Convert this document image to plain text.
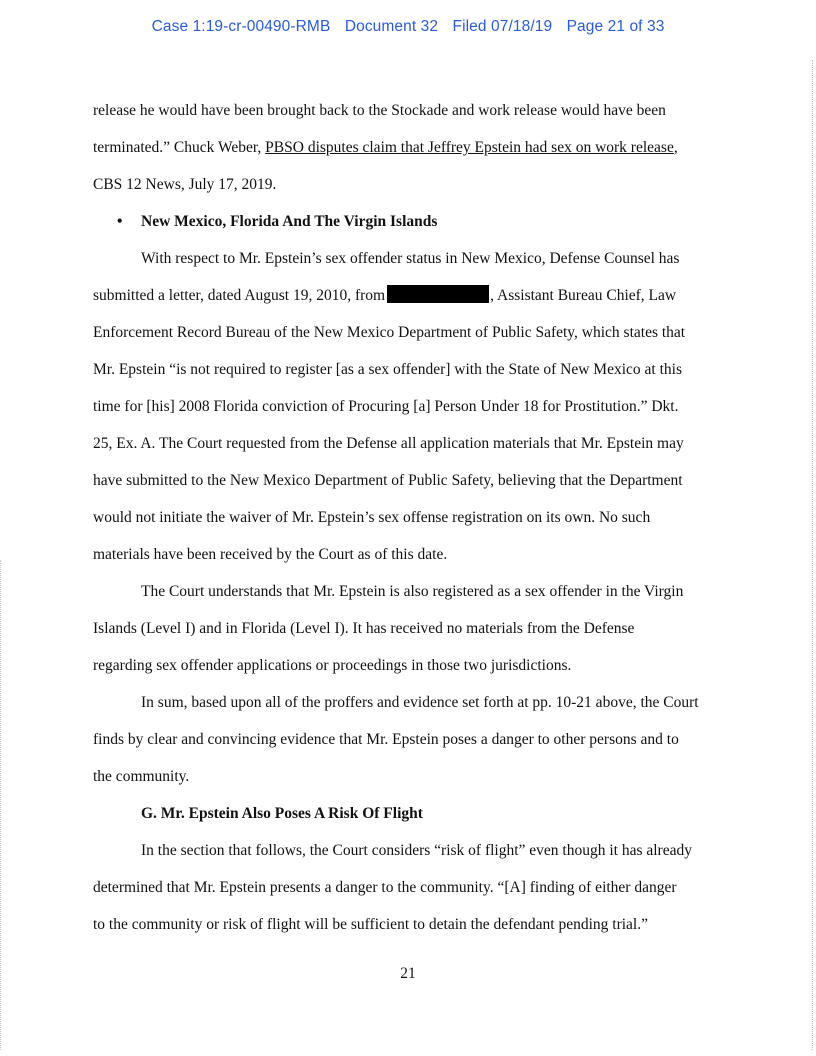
Case 1:19-cr-00490-RMB Document 32 Filed 07/18/19 Page 21 of 33
release he would have been brought back to the Stockade and work release would have been
terminated.” Chuck Weber, PBSO disputes claim that Jeffrey Epstein had sex on work release,
CBS 12 News, July 17, 2019.
• New Mexico, Florida And The Virgin Islands
With respect to Mr. Epstein’s sex offender status in New Mexico, Defense Counsel has
submitted a letter, dated August 19, 2010, from	, Assistant Bureau Chief, Law
Enforcement Record Bureau of the New Mexico Department of Public Safety, which states that
Mr. Epstein “is not required to register [as a sex offender] with the State of New Mexico at this
time for [his] 2008 Florida conviction of Procuring [a] Person Under 18 for Prostitution.” Dkt.
25, Ex. A. The Court requested from the Defense all application materials that Mr. Epstein may
have submitted to the New Mexico Department of Public Safety, believing that the Department
would not initiate the waiver of Mr. Epstein’s sex offense registration on its own. No such
materials have been received by the Court as of this date.
The Court understands that Mr. Epstein is also registered as a sex offender in the Virgin
Islands (Level I) and in Florida (Level I). It has received no materials from the Defense
regarding sex offender applications or proceedings in those two jurisdictions.
In sum, based upon all of the proffers and evidence set forth at pp. 10-21 above, the Court
finds by clear and convincing evidence that Mr. Epstein poses a danger to other persons and to
the community.
G. Mr. Epstein Also Poses A Risk Of Flight
In the section that follows, the Court considers “risk of flight” even though it has already
determined that Mr. Epstein presents a danger to the community. “[A] finding of either danger
to the community or risk of flight will be sufficient to detain the defendant pending trial.”
21
